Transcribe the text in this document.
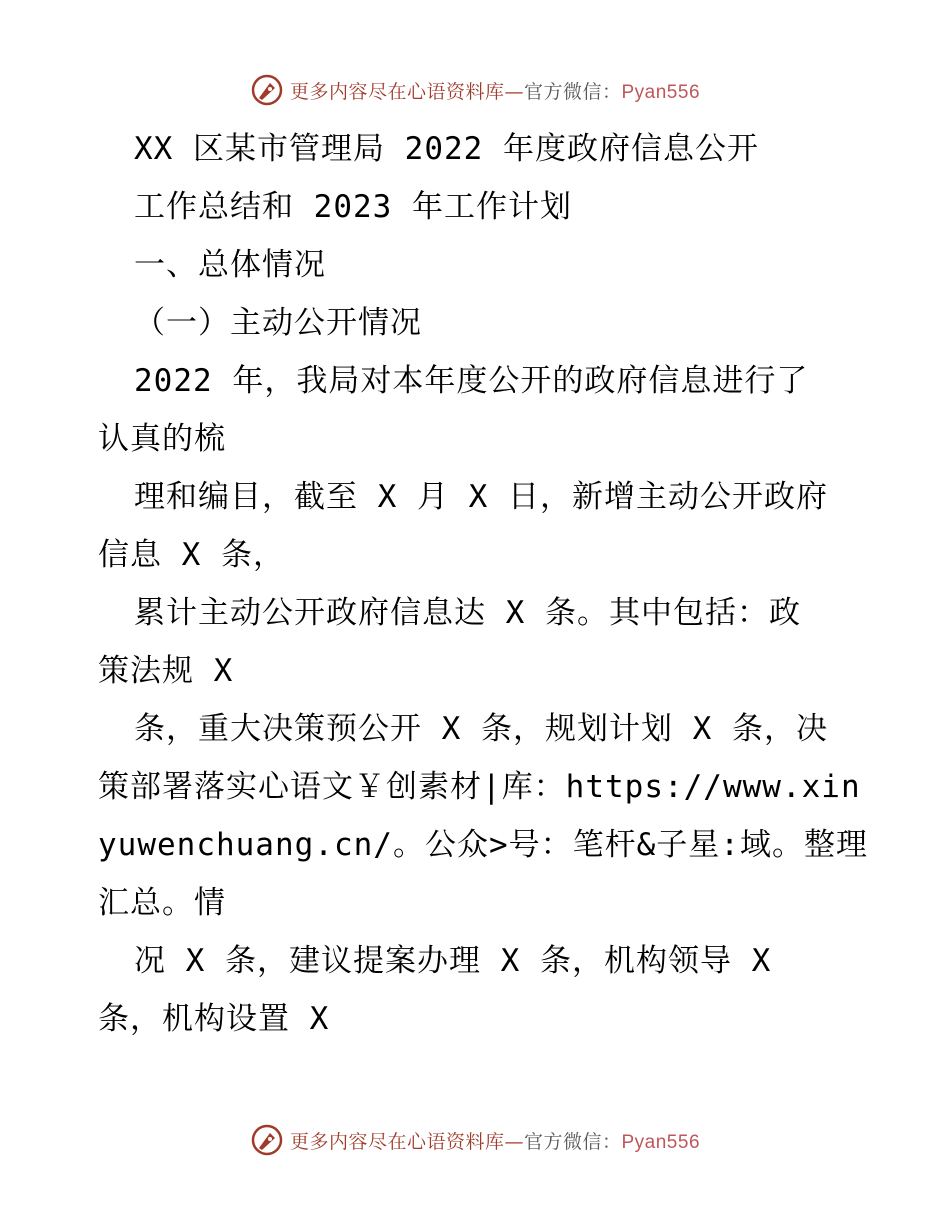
更多内容尽在心语资料库—官方微信：Pyan556

XX 区某市管理局 2022 年度政府信息公开

工作总结和 2023 年工作计划

一、总体情况

（一）主动公开情况

2022 年，我局对本年度公开的政府信息进行了

认真的梳

理和编目，截至 X 月 X 日，新增主动公开政府

信息 X 条，

累计主动公开政府信息达 X 条。其中包括：政

策法规 X

条，重大决策预公开 X 条，规划计划 X 条，决

策部署落实心语文￥创素材|库：https://www.xin

yuwenchuang.cn/。公众>号：笔杆&子星:域。整理

汇总。情

况 X 条，建议提案办理 X 条，机构领导 X

条，机构设置 X

更多内容尽在心语资料库—官方微信：Pyan556
